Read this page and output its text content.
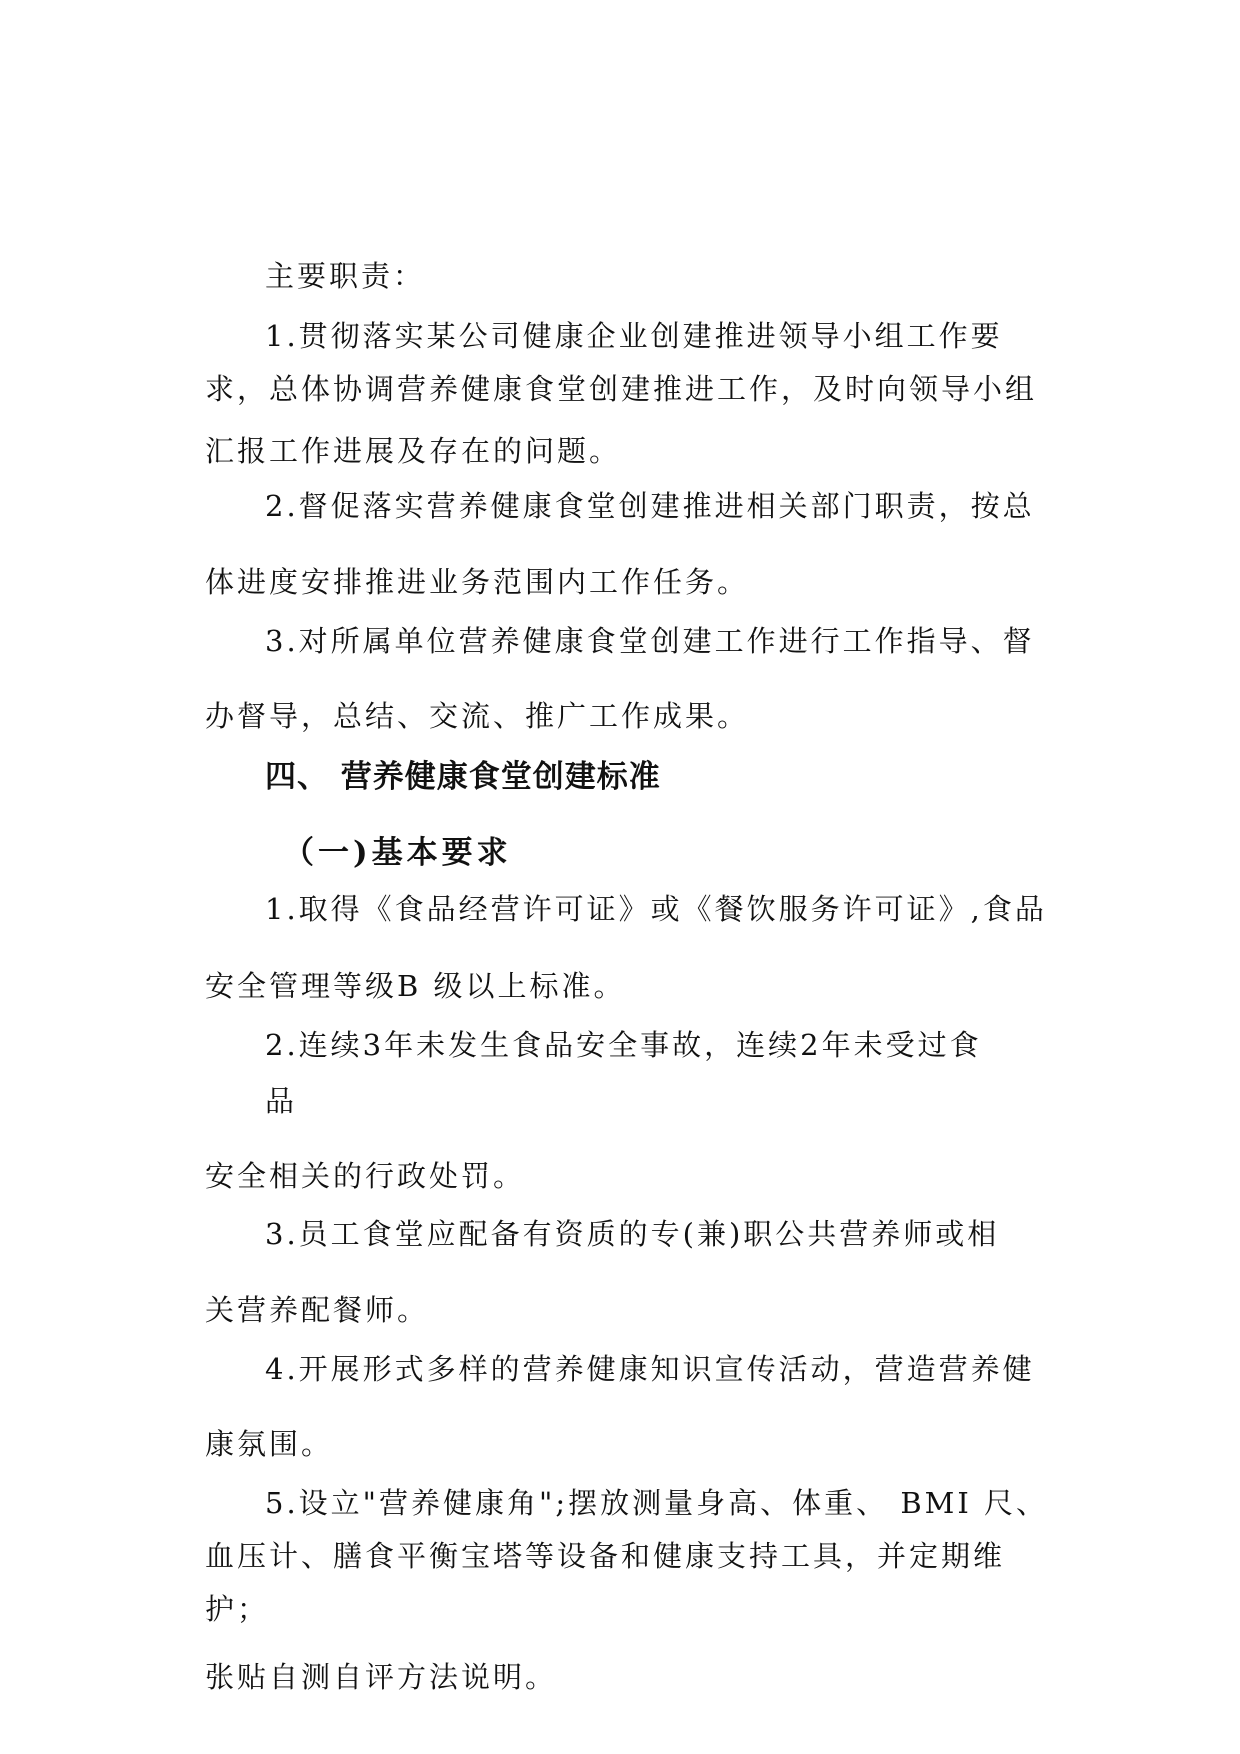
主要职责：
1.贯彻落实某公司健康企业创建推进领导小组工作要
求，总体协调营养健康食堂创建推进工作，及时向领导小组
汇报工作进展及存在的问题。
2.督促落实营养健康食堂创建推进相关部门职责，按总
体进度安排推进业务范围内工作任务。
3.对所属单位营养健康食堂创建工作进行工作指导、督
办督导，总结、交流、推广工作成果。
四、 营养健康食堂创建标准
（一)基本要求
1.取得《食品经营许可证》或《餐饮服务许可证》,食品
安全管理等级B 级以上标准。
2.连续3年未发生食品安全事故，连续2年未受过食
品
安全相关的行政处罚。
3.员工食堂应配备有资质的专(兼)职公共营养师或相
关营养配餐师。
4.开展形式多样的营养健康知识宣传活动，营造营养健
康氛围。
5.设立"营养健康角";摆放测量身高、体重、 BMI 尺、
血压计、膳食平衡宝塔等设备和健康支持工具，并定期维
护；
张贴自测自评方法说明。
